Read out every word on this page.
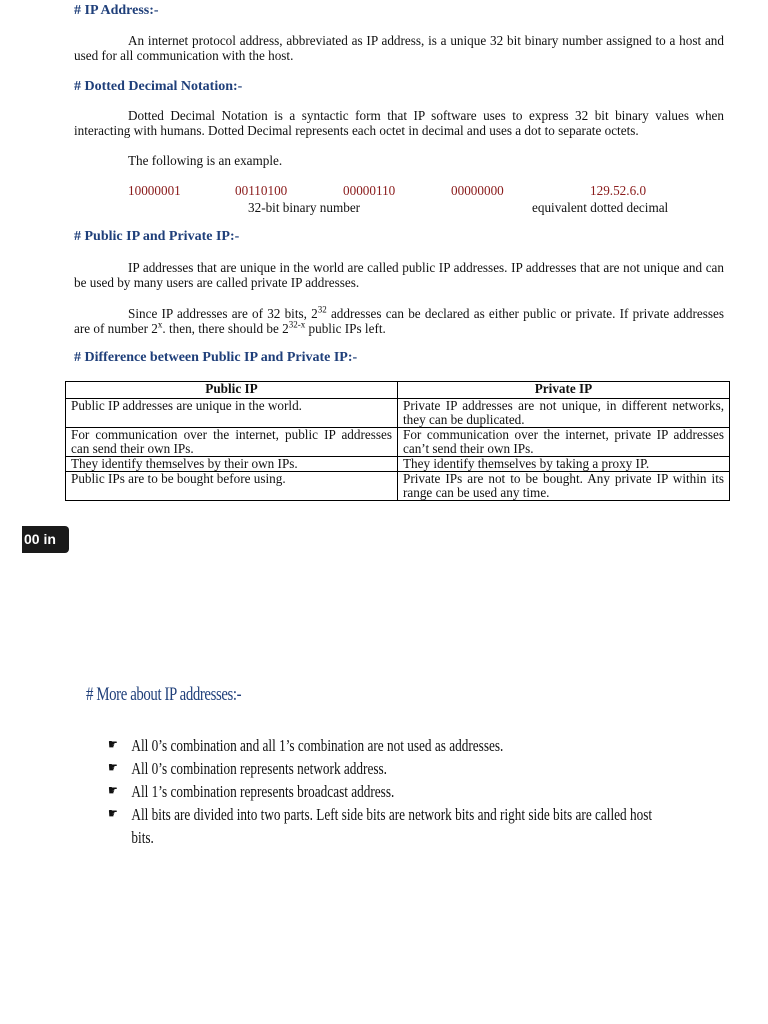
# IP Address:-
An internet protocol address, abbreviated as IP address, is a unique 32 bit binary number assigned to a host and used for all communication with the host.
# Dotted Decimal Notation:-
Dotted Decimal Notation is a syntactic form that IP software uses to express 32 bit binary values when interacting with humans. Dotted Decimal represents each octet in decimal and uses a dot to separate octets.
The following is an example.
10000001	00110100	00000110	00000000	129.52.6.0
32-bit binary number	equivalent dotted decimal
# Public IP and Private IP:-
IP addresses that are unique in the world are called public IP addresses. IP addresses that are not unique and can be used by many users are called private IP addresses.
Since IP addresses are of 32 bits, $2^{32}$ addresses can be declared as either public or private. If private addresses are of number 2$^x$. then, there should be 2$^{32-x}$ public IPs left.
# Difference between Public IP and Private IP:-
Public IP	Private IP
Public IP addresses are unique in the world.	Private IP addresses are not unique, in different networks, they can be duplicated.
For communication over the internet, public IP addresses can send their own IPs.	For communication over the internet, private IP addresses can’t send their own IPs.
They identify themselves by their own IPs.	They identify themselves by taking a proxy IP.
Public IPs are to be bought before using.	Private IPs are not to be bought. Any private IP within its range can be used any time.
00 in
# More about IP addresses:-
☛ All 0’s combination and all 1’s combination are not used as addresses.
☛ All 0’s combination represents network address.
☛ All 1’s combination represents broadcast address.
☛ All bits are divided into two parts. Left side bits are network bits and right side bits are called host bits.
